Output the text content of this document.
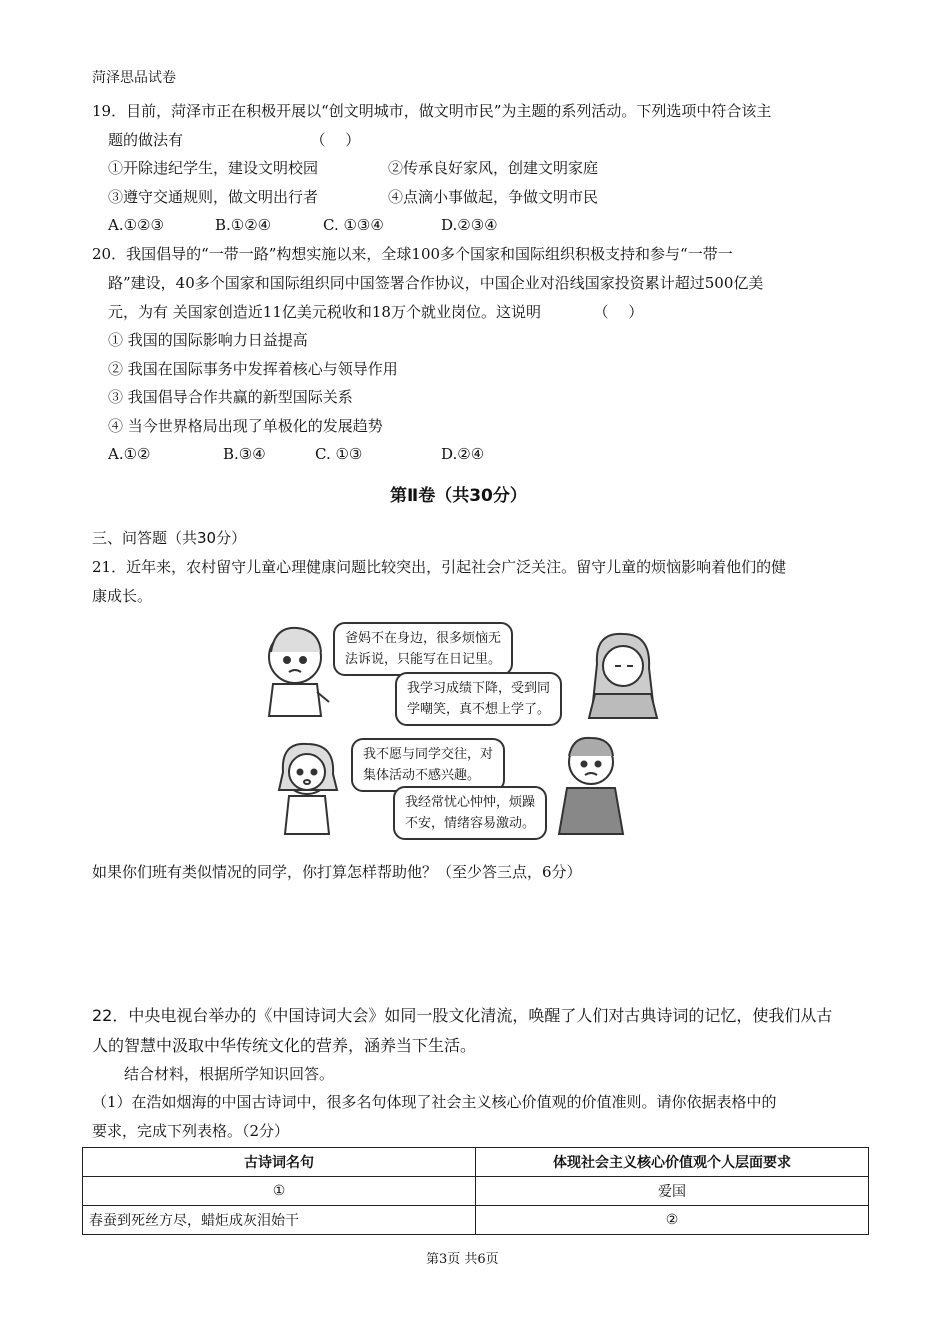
菏泽思品试卷
19．目前，菏泽市正在积极开展以“创文明城市，做文明市民”为主题的系列活动。下列选项中符合该主
题的做法有　　　　　　　　　（　 ）
①开除违纪学生，建设文明校园	②传承良好家风，创建文明家庭
③遵守交通规则，做文明出行者	④点滴小事做起，争做文明市民
A.①②③	B.①②④	C. ①③④	D.②③④
20．我国倡导的“一带一路”构想实施以来，全球100多个国家和国际组织积极支持和参与“一带一
路”建设，40多个国家和国际组织同中国签署合作协议，中国企业对沿线国家投资累计超过500亿美
元，为有 关国家创造近11亿美元税收和18万个就业岗位。这说明　　　　（　 ）
① 我国的国际影响力日益提高
② 我国在国际事务中发挥着核心与领导作用
③ 我国倡导合作共赢的新型国际关系
④ 当今世界格局出现了单极化的发展趋势
A.①②	B.③④	C. ①③	D.②④
第Ⅱ卷（共30分）
三、问答题（共30分）
21．近年来，农村留守儿童心理健康问题比较突出，引起社会广泛关注。留守儿童的烦恼影响着他们的健
康成长。
爸妈不在身边，很多烦恼无
法诉说，只能写在日记里。
我学习成绩下降，受到同
学嘲笑，真不想上学了。
我不愿与同学交往，对
集体活动不感兴趣。
我经常忧心忡忡，烦躁
不安，情绪容易激动。
如果你们班有类似情况的同学，你打算怎样帮助他？（至少答三点，6分）
22．中央电视台举办的《中国诗词大会》如同一股文化清流，唤醒了人们对古典诗词的记忆，使我们从古
人的智慧中汲取中华传统文化的营养，涵养当下生活。
结合材料，根据所学知识回答。
（1）在浩如烟海的中国古诗词中，很多名句体现了社会主义核心价值观的价值准则。请你依据表格中的
要求，完成下列表格。（2分）
古诗词名句	体现社会主义核心价值观个人层面要求
①	爱国
春蚕到死丝方尽，蜡炬成灰泪始干	②
第3页 共6页
